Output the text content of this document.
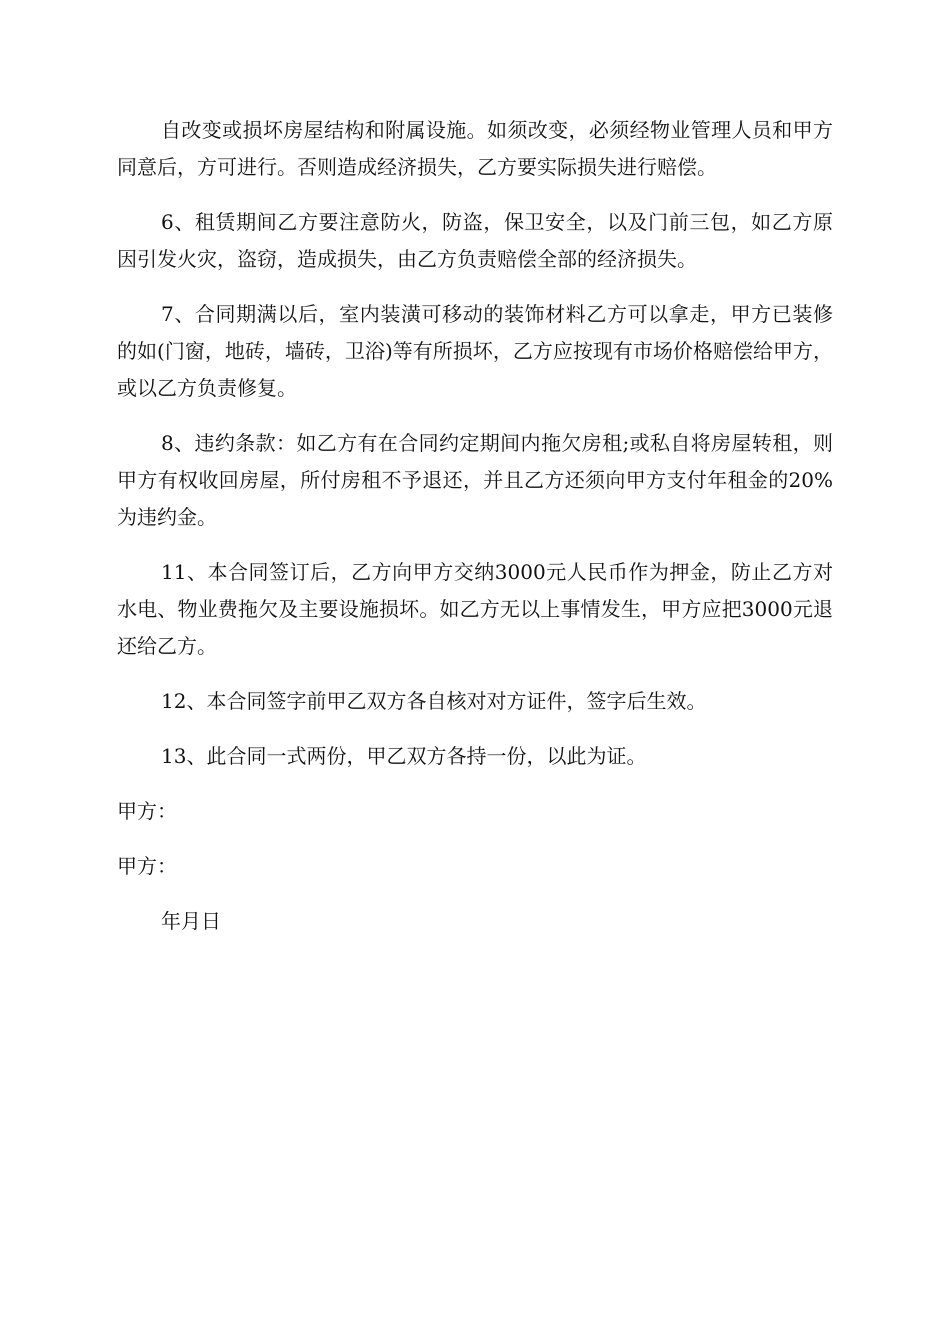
自改变或损坏房屋结构和附属设施。如须改变，必须经物业管理人员和甲方同意后，方可进行。否则造成经济损失，乙方要实际损失进行赔偿。

6、租赁期间乙方要注意防火，防盗，保卫安全，以及门前三包，如乙方原因引发火灾，盗窃，造成损失，由乙方负责赔偿全部的经济损失。

7、合同期满以后，室内装潢可移动的装饰材料乙方可以拿走，甲方已装修的如(门窗，地砖，墙砖，卫浴)等有所损坏，乙方应按现有市场价格赔偿给甲方，或以乙方负责修复。

8、违约条款：如乙方有在合同约定期间内拖欠房租;或私自将房屋转租，则甲方有权收回房屋，所付房租不予退还，并且乙方还须向甲方支付年租金的20%为违约金。

11、本合同签订后，乙方向甲方交纳3000元人民币作为押金，防止乙方对水电、物业费拖欠及主要设施损坏。如乙方无以上事情发生，甲方应把3000元退还给乙方。

12、本合同签字前甲乙双方各自核对对方证件，签字后生效。

13、此合同一式两份，甲乙双方各持一份，以此为证。

甲方：

甲方：

年月日
